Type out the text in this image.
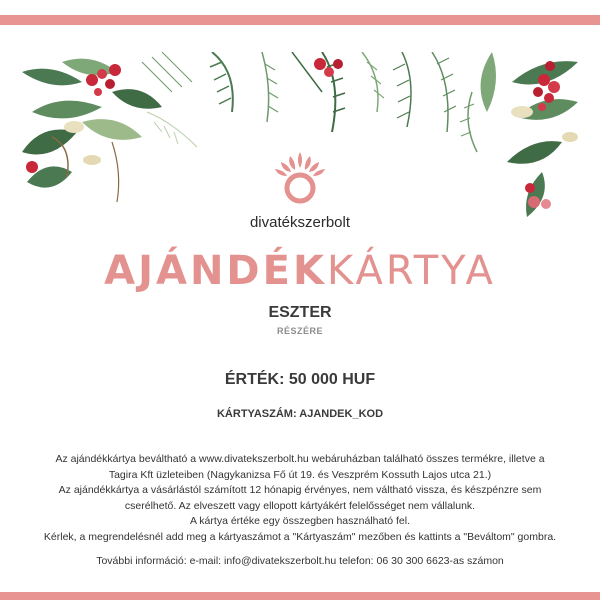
divatékszerbolt
AJÁNDÉKKÁRTYA
ESZTER
RÉSZÉRE
ÉRTÉK: 50 000 HUF
KÁRTYASZÁM: AJANDEK_KOD
Az ajándékkártya beváltható a www.divatekszerbolt.hu webáruházban található összes termékre, illetve a
Tagira Kft üzleteiben (Nagykanizsa Fő út 19. és Veszprém Kossuth Lajos utca 21.)
Az ajándékkártya a vásárlástól számított 12 hónapig érvényes, nem váltható vissza, és készpénzre sem
cserélhető. Az elveszett vagy ellopott kártyákért felelősséget nem vállalunk.
A kártya értéke egy összegben használható fel.
Kérlek, a megrendelésnél add meg a kártyaszámot a "Kártyaszám" mezőben és kattints a "Beváltom" gombra.
További információ: e-mail: info@divatekszerbolt.hu telefon: 06 30 300 6623-as számon
